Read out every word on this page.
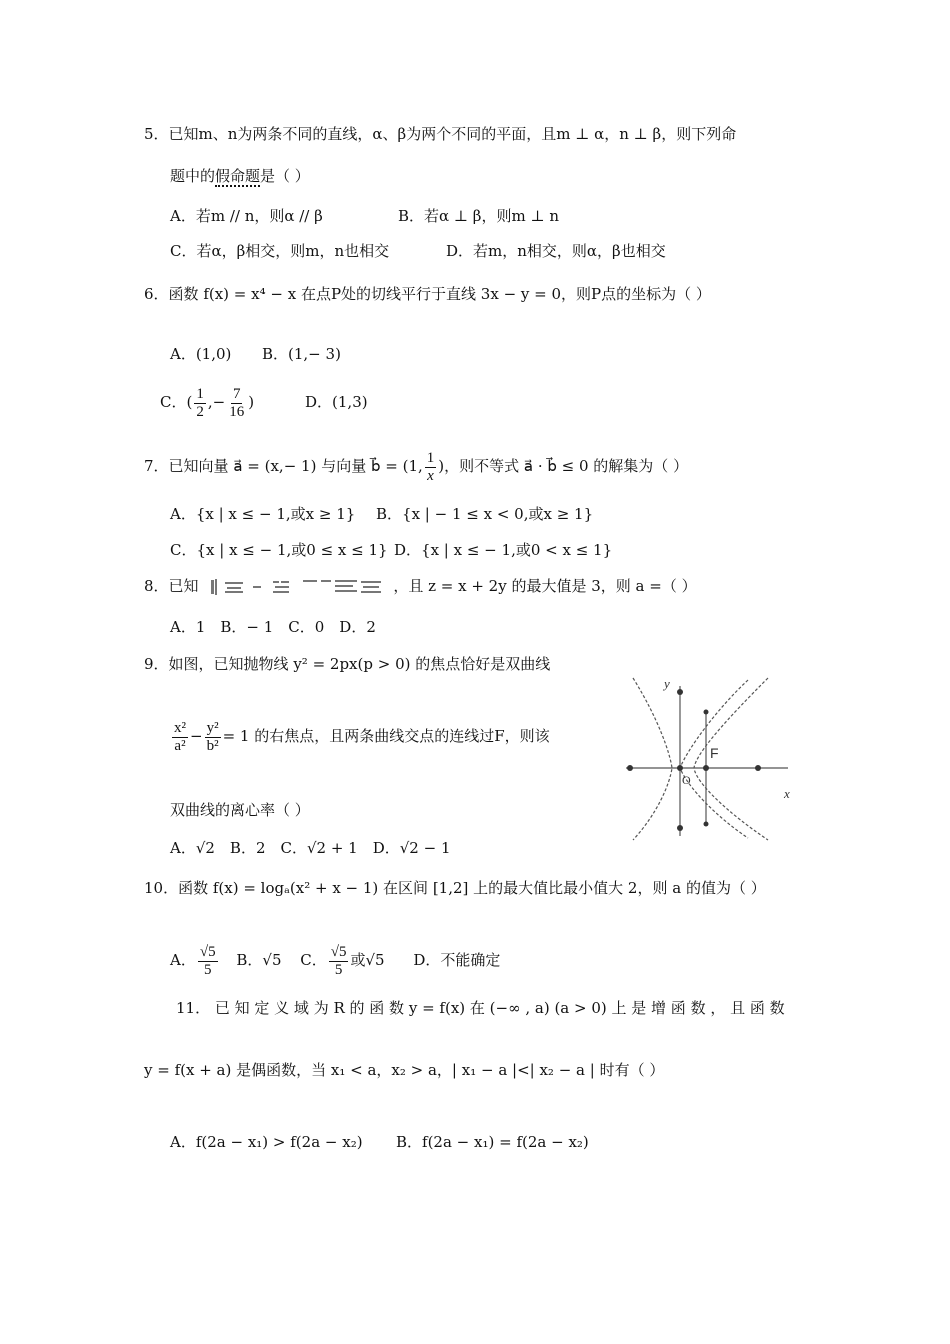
5．已知m、n为两条不同的直线，α、β为两个不同的平面，且m ⊥ α，n ⊥ β，则下列命
题中的假命题是（ ）
A．若m // n，则α // β	B．若α ⊥ β，则m ⊥ n
C．若α，β相交，则m，n也相交	D．若m，n相交，则α，β也相交
6．函数 f(x) = x⁴ − x 在点P处的切线平行于直线 3x − y = 0，则P点的坐标为（ ）
A．(1,0) B．(1,− 3)
C．( $\frac{1}{2}$ ,− $\frac{7}{16}$ )	D．(1,3)
7．已知向量 a⃗ = (x,− 1) 与向量 b⃗ = (1, $\frac{1}{x}$ )，则不等式 a⃗ · b⃗ ≤ 0 的解集为（ ）
A．{x | x ≤ − 1,或x ≥ 1} B．{x | − 1 ≤ x < 0,或x ≥ 1}
C．{x | x ≤ − 1,或0 ≤ x ≤ 1} D．{x | x ≤ − 1,或0 < x ≤ 1}
8．已知	，且 z = x + 2y 的最大值是 3，则 a =（ ）
A．1　B．− 1　C．0　D．2
9．如图，已知抛物线 y² = 2px(p > 0) 的焦点恰好是双曲线
$\frac{\text{x²}}{\text{a²}} - \frac{\text{y²}}{\text{b²}} = 1$ 的右焦点，且两条曲线交点的连线过F，则该
双曲线的离心率（ ）
A．√2　B．2　C．√2 + 1　D．√2 − 1
y
x
F
O
10．函数 f(x) = logₐ(x² + x − 1) 在区间 [1,2] 上的最大值比最小值大 2，则 a 的值为（ ）
A． $\frac{√5}{5}$ B．√5 C． $\frac{√5}{5}$ 或√5 D．不能确定
11． 已 知 定 义 域 为 R 的 函 数 y = f(x) 在 (−∞ , a) (a > 0) 上 是 增 函 数 ， 且 函 数
y = f(x + a) 是偶函数，当 x₁ < a，x₂ > a，| x₁ − a |<| x₂ − a | 时有（ ）
A．f(2a − x₁) > f(2a − x₂) B．f(2a − x₁) = f(2a − x₂)
